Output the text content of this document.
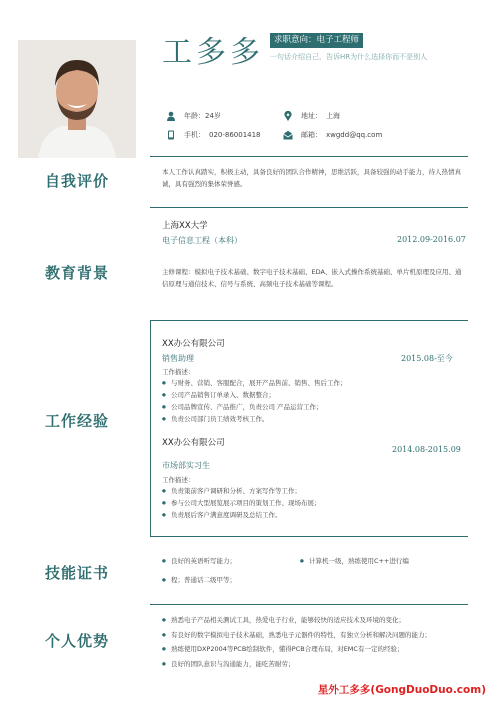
工多多	求职意向：电子工程师
一句话介绍自己，告诉HR为什么选择你而不是别人
年龄：24岁	地址： 上海
手机： 020-86001418	邮箱： xwgdd@qq.com
自我评价	本人工作认真踏实，积极主动，具备良好的团队合作精神，思维活跃，具备较强的动手能力，待人热情真诚，具有强烈的集体荣誉感。
教育背景
上海XX大学
电子信息工程（本科）	2012.09-2016.07
主修课程：模拟电子技术基础、数字电子技术基础、EDA、嵌入式操作系统基础、单片机原理及应用、通信原理与通信技术、信号与系统、高频电子技术基础等课程。
工作经验
XX办公有限公司
销售助理	2015.08-至今
工作描述：
● 与财务、营销、客服配合，展开产品售前、销售、售后工作；
● 公司产品销售订单录入、数据整合；
● 公司品牌宣传、产品推广，负责公司 产品运营工作；
● 负责公司部门员工绩效考核工作。
XX办公有限公司
2014.08-2015.09
市场部实习生
工作描述：
● 负责策前客户调研和分析、方案写作等工作；
● 参与公司大型展览展示项目的策划工作、现场布展；
● 负责展后客户满意度调研及总结工作。
技能证书
● 良好的英语听写能力；
●	计算机一级，熟练使用C++进行编
● 程；普通话二级甲等；
个人优势
● 熟悉电子产品相关测试工具，热爱电子行业，能够较快的适应技术及环境的变化；
● 有良好的数字模拟电子技术基础，熟悉电子元器件的特性，有独立分析和解决问题的能力；
● 熟练使用DXP2004等PCB绘制软件，懂得PCB合理布局，对EMC有一定的经验；
● 良好的团队意识与沟通能力，能吃苦耐劳；
星外工多多(GongDuoDuo.com)
